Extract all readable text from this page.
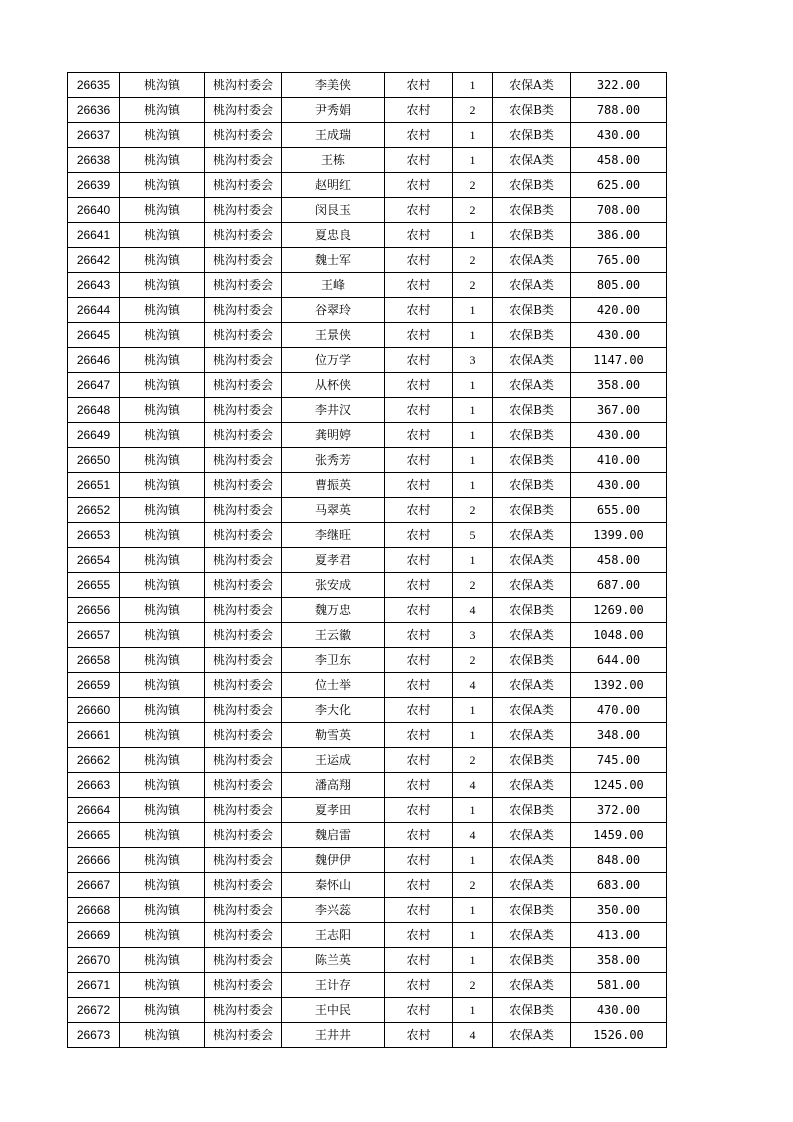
26635	桃沟镇	桃沟村委会	李美侠	农村	1	农保A类	322.00
26636	桃沟镇	桃沟村委会	尹秀娟	农村	2	农保B类	788.00
26637	桃沟镇	桃沟村委会	王成瑞	农村	1	农保B类	430.00
26638	桃沟镇	桃沟村委会	王栋	农村	1	农保A类	458.00
26639	桃沟镇	桃沟村委会	赵明红	农村	2	农保B类	625.00
26640	桃沟镇	桃沟村委会	闵艮玉	农村	2	农保B类	708.00
26641	桃沟镇	桃沟村委会	夏忠良	农村	1	农保B类	386.00
26642	桃沟镇	桃沟村委会	魏士军	农村	2	农保A类	765.00
26643	桃沟镇	桃沟村委会	王峰	农村	2	农保A类	805.00
26644	桃沟镇	桃沟村委会	谷翠玲	农村	1	农保B类	420.00
26645	桃沟镇	桃沟村委会	王景侠	农村	1	农保B类	430.00
26646	桃沟镇	桃沟村委会	位万学	农村	3	农保A类	1147.00
26647	桃沟镇	桃沟村委会	从杯侠	农村	1	农保A类	358.00
26648	桃沟镇	桃沟村委会	李井汉	农村	1	农保B类	367.00
26649	桃沟镇	桃沟村委会	龚明婷	农村	1	农保B类	430.00
26650	桃沟镇	桃沟村委会	张秀芳	农村	1	农保B类	410.00
26651	桃沟镇	桃沟村委会	曹振英	农村	1	农保B类	430.00
26652	桃沟镇	桃沟村委会	马翠英	农村	2	农保B类	655.00
26653	桃沟镇	桃沟村委会	李继旺	农村	5	农保A类	1399.00
26654	桃沟镇	桃沟村委会	夏孝君	农村	1	农保A类	458.00
26655	桃沟镇	桃沟村委会	张安成	农村	2	农保A类	687.00
26656	桃沟镇	桃沟村委会	魏万忠	农村	4	农保B类	1269.00
26657	桃沟镇	桃沟村委会	王云徽	农村	3	农保A类	1048.00
26658	桃沟镇	桃沟村委会	李卫东	农村	2	农保B类	644.00
26659	桃沟镇	桃沟村委会	位士举	农村	4	农保A类	1392.00
26660	桃沟镇	桃沟村委会	李大化	农村	1	农保A类	470.00
26661	桃沟镇	桃沟村委会	勒雪英	农村	1	农保A类	348.00
26662	桃沟镇	桃沟村委会	王运成	农村	2	农保B类	745.00
26663	桃沟镇	桃沟村委会	潘高翔	农村	4	农保A类	1245.00
26664	桃沟镇	桃沟村委会	夏孝田	农村	1	农保B类	372.00
26665	桃沟镇	桃沟村委会	魏启雷	农村	4	农保A类	1459.00
26666	桃沟镇	桃沟村委会	魏伊伊	农村	1	农保A类	848.00
26667	桃沟镇	桃沟村委会	秦怀山	农村	2	农保A类	683.00
26668	桃沟镇	桃沟村委会	李兴蕊	农村	1	农保B类	350.00
26669	桃沟镇	桃沟村委会	王志阳	农村	1	农保A类	413.00
26670	桃沟镇	桃沟村委会	陈兰英	农村	1	农保B类	358.00
26671	桃沟镇	桃沟村委会	王计存	农村	2	农保A类	581.00
26672	桃沟镇	桃沟村委会	王中民	农村	1	农保B类	430.00
26673	桃沟镇	桃沟村委会	王井井	农村	4	农保A类	1526.00
